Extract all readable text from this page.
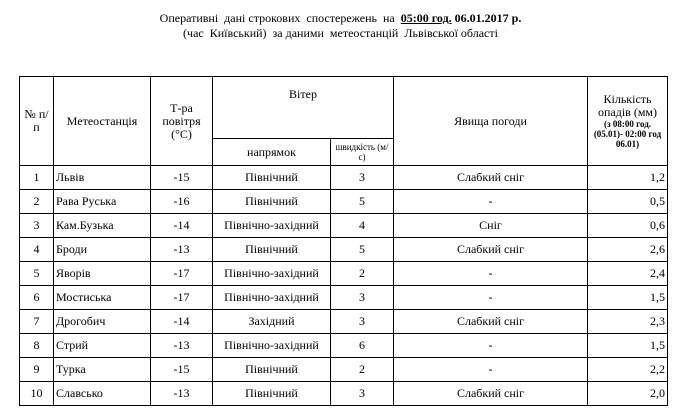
Оперативні  дані строкових  спостережень  на  05:00 год. 06.01.2017 р.
(час  Київський)  за даними  метеостанцій  Львівської області
№ п/п	Метеостанція	Т-ра повітря (°С)	Вітер		Явища погоди	Кількість опадів (мм)
(з 08:00 год.(05.01)- 02:00 год 06.01)

			напрямок	швидкість (м/с)		
1	Львів	-15	Північний	3	Слабкий сніг	1,2
2	Рава Руська	-16	Північний	5	-	0,5
3	Кам.Бузька	-14	Північно-західний	4	Сніг	0,6
4	Броди	-13	Північний	5	Слабкий сніг	2,6
5	Яворів	-17	Північно-західний	2	-	2,4
6	Мостиська	-17	Північно-західний	3	-	1,5
7	Дрогобич	-14	Західний	3	Слабкий сніг	2,3
8	Стрий	-13	Північно-західний	6	-	1,5
9	Турка	-15	Північний	2	-	2,2
10	Славсько	-13	Північний	3	Слабкий сніг	2,0
